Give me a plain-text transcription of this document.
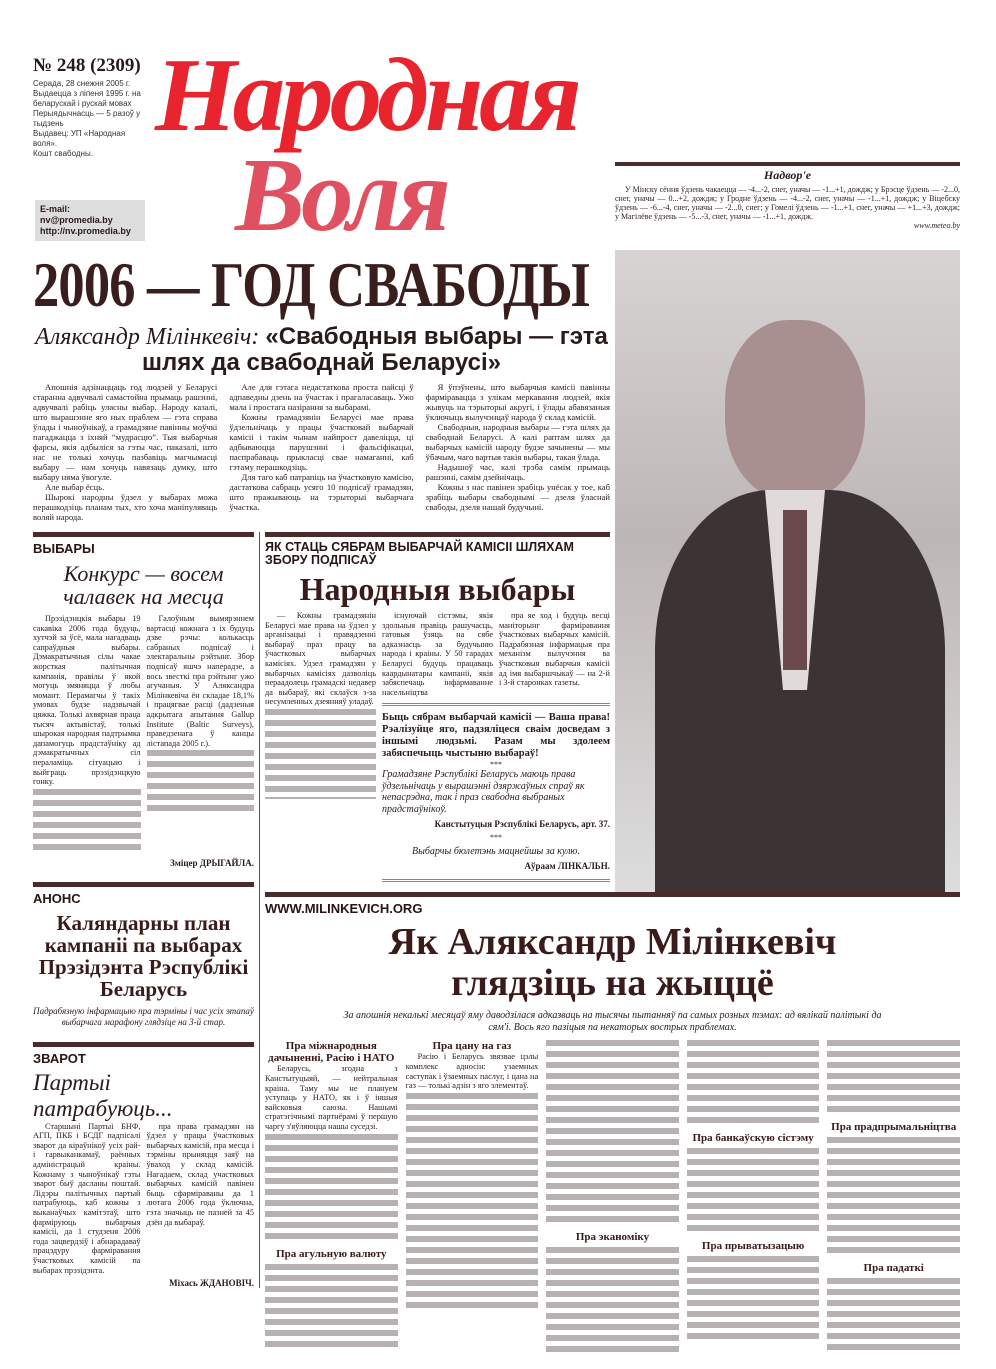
№ 248 (2309)
Серада, 28 снежня 2005 г.
Выдаецца з ліпеня 1995 г. на беларускай і рускай мовах
Перыядычнасць — 5 разоў у тыдзень
Выдавец: УП «Народная воля».
Кошт свабодны.
E-mail: nv@promedia.by
http://nv.promedia.by
Народная
Воля	Надвор'е
У Мінску сёння ўдзень чакаецца — -4...-2, снег, уначы — -1...+1, дождж; у Брэсце ўдзень — -2...0, снег, уначы — 0...+2, дождж; у Гродне ўдзень — -4...-2, снег, уначы — -1...+1, дождж; у Віцебску ўдзень — -6...-4, снег, уначы — -2...0, снег; у Гомелі ўдзень — -1...+1, снег, уначы — +1...+3, дождж; у Магілёве ўдзень — -5...-3, снег, уначы — -1...+1, дождж.
www.meteo.by
2006 — ГОД СВАБОДЫ
Аляксандр Мілінкевіч: «Свабодныя выбары — гэта шлях да свабоднай Беларусі»

Апошнія адзінаццаць год людзей у Беларусі старанна адвучвалі самастойна прымаць рашэнні, адвучвалі рабіць уласны выбар. Народу казалі, што вырашэнне яго ных праблем — гэта справа ўлады і чыноўнікаў, а грамадзяне павінны моўчкі пагаджацца з іхняй “мудрасцю”. Тыя выбарчыя фарсы, якія адбыліся за гэты час, паказалі, што нас не толькі хочуць пазбавіць магчымасці выбару — нам хочуць навязаць думку, што выбару няма ўвогуле.

Але выбар ёсць.

Шырокі народны ўдзел у выбарах можа перашкодзіць планам тых, хто хоча маніпуляваць воляй народа.

Але для гэтага недастаткова проста пайсці ў адпаведны дзень на ўчастак і прагаласаваць. Ужо мала і простага назірання за выбарамі.

Кожны грамадзянін Беларусі мае права ўдзельнічаць у працы ўчастковай выбарчай камісіі і такім чынам найпрост давеліцца, ці адбываюцца парушэнні і фальсіфікацыі, паспрабаваць прыкласці свае намаганні, каб гэтаму перашкодзіць.

Для таго каб патрапіць на ўчастковую камісію, дастаткова сабраць усяго 10 подпісаў грамадзян, што пражываюць на тэрыторыі выбарчага ўчастка.

Я ўпэўнены, што выбарчыя камісіі павінны фарміравацца з улікам меркавання людзей, якія жывуць на тэрыторыі акругі, і ўлады абавязаныя ўключыць вылучэнцаў народа ў склад камісій.

Свабодныя, народныя выбары — гэта шлях да свабоднай Беларусі. А калі раптам шлях да выбарчых камісій народу будзе зачынены — мы ўбачым, чаго вартыя такія выбары, такая ўлада.

Надышоў час, калі трэба самім прымаць рашэнні, самім дзейнічаць.

Кожны з нас павінен зрабіць унёсак у тое, каб зрабіць выбары свабоднымі — дзеля ўласнай свабоды, дзеля нашай будучыні.

ВЫБАРЫ
Конкурс — восем чалавек на месца

Прэзідэнцкія выбары 19 сакавіка 2006 года будуць, хутчэй за ўсё, мала нагадваць сапраўдныя выбары. Дэмакратычныя сілы чакае жорсткая палітычная кампанія, правілы ў якой могуць змяняцца ў любы момант. Перамагчы ў такіх умовах будзе надзвычай цяжка. Толькі ахвярная праца тысяч актывістаў, толькі шырокая народная падтрымка дапамогуць прадстаўніку ад дэмакратычных сіл пераламіць сітуацыю і выйграць прэзідэнцкую гонку.

Галоўным вымярэннем вартасці кожнага з іх будуць дзве рэчы: колькасць сабраных подпісаў і электаральны рэйтынг. Збор подпісаў яшчэ наперадзе, а вось звесткі пра рэйтынг ужо агучаныя. У Аляксандра Мілінкевіча ён складае 18,1% і працягвае расці (дадзеныя адкрытага апытання Gallup Institute (Baltic Surveys), праведзенага ў канцы лістапада 2005 г.).

Зміцер ДРЫГАЙЛА.
АНОНС
Каляндарны план кампаніі па выбарах Прэзідэнта Рэспублікі Беларусь
Падрабязную інфармацыю пра тэрміны і час усіх этапаў выбарчага марафону глядзіце на 3-й стар.
ЗВАРОТ
Партыі патрабуюць...

Старшыні Партыі БНФ, АГП, ПКБ і БСДГ падпісалі зварот да кіраўнікоў усіх рай- і гарвыканкамаў, раённых адміністрацый краіны. Кожнаму з чыноўнікаў гэты зварот быў дасланы поштай. Лідэры палітычных партый патрабуюць, каб кожны з выканаўчых камітэтаў, што фарміруюць выбарчыя камісіі, да 1 студзеня 2006 года зацвердзіў і абнарадаваў працэдуру фарміравання ўчастковых камісій па выбарах прэзідэнта.

пра права грамадзян на ўдзел у працы ўчастковых выбарчых камісій, пра месца і тэрміны прыняцця заяў на ўваход у склад камісій. Нагадаем, склад участковых выбарчых камісій павінен быць сфарміраваны да 1 лютага 2006 года ўключна, гэта значыць не пазней за 45 дзён да выбараў.

Міхась ЖДАНОВІЧ.
ЯК СТАЦЬ СЯБРАМ ВЫБАРЧАЙ КАМІСІІ ШЛЯХАМ ЗБОРУ ПОДПІСАЎ
Народныя выбары

— Кожны грамадзянін Беларусі мае права на ўдзел у арганізацыі і правядзенні выбараў праз працу ва ўчастковых выбарчых камісіях. Удзел грамадзян у выбарчых камісіях дазволіць пераадолець грамадскі недавер да выбараў, які склаўся з-за несумленных дзеянняў уладаў.

існуючай сістэмы, якія здольныя правіць рашучасць, гатовыя ўзяць на сябе адказнасць за будучыню народа і краіны. У 50 гарадах Беларусі будуць працаваць каардынатары кампаніі, якія забяспечаць інфармаванне насельніцтва

пра яе ход і будуць весці маніторынг фарміравання ўчастковых выбарчых камісій. Падрабязная інфармацыя пра механізм вылучэння ва ўчастковыя выбарчыя камісіі ад імя выбаршчыкаў — на 2-й і 3-й старонках газеты.

Быць сябрам выбарчай камісіі — Ваша права! Рэалізуйце яго, падзяліцеся сваім досведам з іншымі людзьмі. Разам мы здолеем забяспечыць чыстыню выбараў!
***
Грамадзяне Рэспублікі Беларусь маюць права ўдзельнічаць у вырашэнні дзяржаўных спраў як непасрэдна, так і праз свабодна выбраных прадстаўнікоў.
Канстытуцыя Рэспублікі Беларусь, арт. 37.
***
Выбарчы бюлетэнь мацнейшы за кулю.
Аўраам ЛІНКАЛЬН.
WWW.MILINKEVICH.ORG
Як Аляксандр Мілінкевіч
глядзіць на жыццё
За апошнія некалькі месяцаў яму даводзілася адказваць на тысячы пытанняў па самых розных тэмах: ад вялікай палітыкі да сям'і. Вось яго пазіцыя па некаторых вострых праблемах.
Пра міжнародныя дачыненні, Расію і НАТО

Беларусь, згодна з Канстытуцыяй, — нейтральная краіна. Таму мы не плануем уступаць у НАТО, як і ў іншыя вайсковыя саюзы. Нашымі стратэгічнымі партнёрамі ў першую чаргу з'яўляюцца нашы суседзі.

Пра агульную валюту
Пра цану на газ

Расію і Беларусь звязвае цэлы комплекс адносін: узаемных саступак і ўзаемных паслуг, і цана на газ — толькі адзін з яго элементаў.

Пра эканоміку
Пра банкаўскую сістэму
Пра прыватызацыю
Пра прадпрымальніцтва
Пра падаткі
